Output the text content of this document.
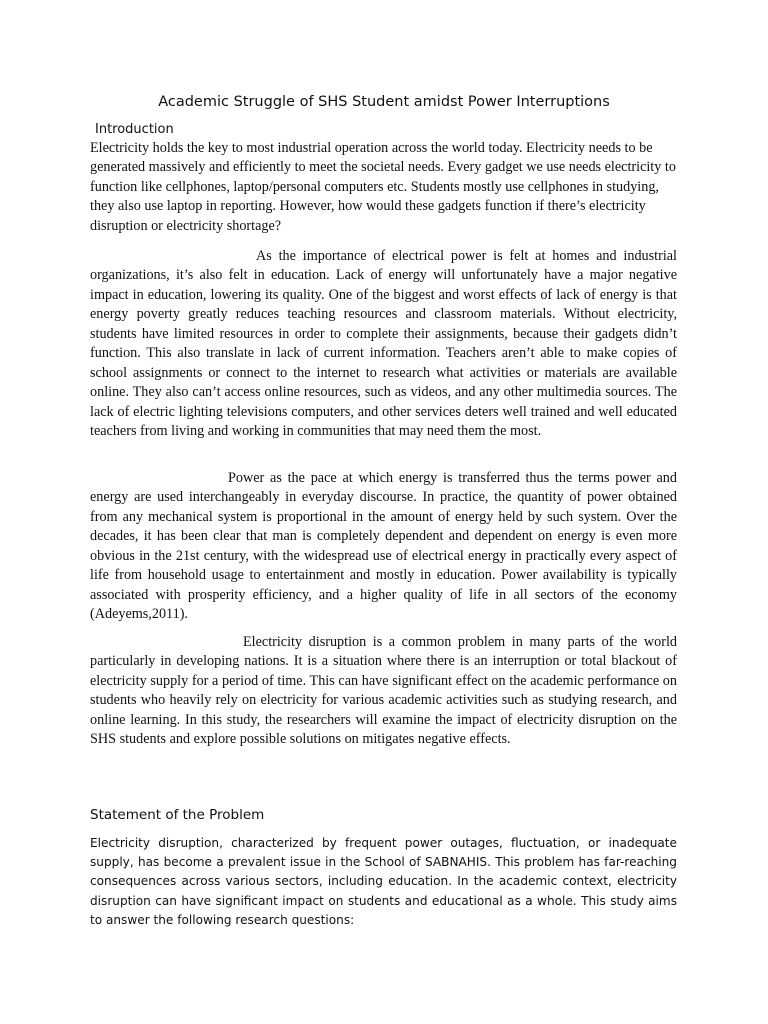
Academic Struggle of SHS Student amidst Power Interruptions
Introduction

Electricity holds the key to most industrial operation across the world today. Electricity needs to be generated massively and efficiently to meet the societal needs. Every gadget we use needs electricity to function like cellphones, laptop/personal computers etc. Students mostly use cellphones in studying, they also use laptop in reporting. However, how would these gadgets function if there’s electricity disruption or electricity shortage?

As the importance of electrical power is felt at homes and industrial organizations, it’s also felt in education. Lack of energy will unfortunately have a major negative impact in education, lowering its quality. One of the biggest and worst effects of lack of energy is that energy poverty greatly reduces teaching resources and classroom materials. Without electricity, students have limited resources in order to complete their assignments, because their gadgets didn’t function. This also translate in lack of current information. Teachers aren’t able to make copies of school assignments or connect to the internet to research what activities or materials are available online. They also can’t access online resources, such as videos, and any other multimedia sources. The lack of electric lighting televisions computers, and other services deters well trained and well educated teachers from living and working in communities that may need them the most.

Power as the pace at which energy is transferred thus the terms power and energy are used interchangeably in everyday discourse. In practice, the quantity of power obtained from any mechanical system is proportional in the amount of energy held by such system. Over the decades, it has been clear that man is completely dependent and dependent on energy is even more obvious in the 21st century, with the widespread use of electrical energy in practically every aspect of life from household usage to entertainment and mostly in education. Power availability is typically associated with prosperity efficiency, and a higher quality of life in all sectors of the economy (Adeyems,2011).

Electricity disruption is a common problem in many parts of the world particularly in developing nations. It is a situation where there is an interruption or total blackout of electricity supply for a period of time. This can have significant effect on the academic performance on students who heavily rely on electricity for various academic activities such as studying research, and online learning. In this study, the researchers will examine the impact of electricity disruption on the SHS students and explore possible solutions on mitigates negative effects.

Statement of the Problem

Electricity disruption, characterized by frequent power outages, fluctuation, or inadequate supply, has become a prevalent issue in the School of SABNAHIS. This problem has far-reaching consequences across various sectors, including education. In the academic context, electricity disruption can have significant impact on students and educational as a whole. This study aims to answer the following research questions:
